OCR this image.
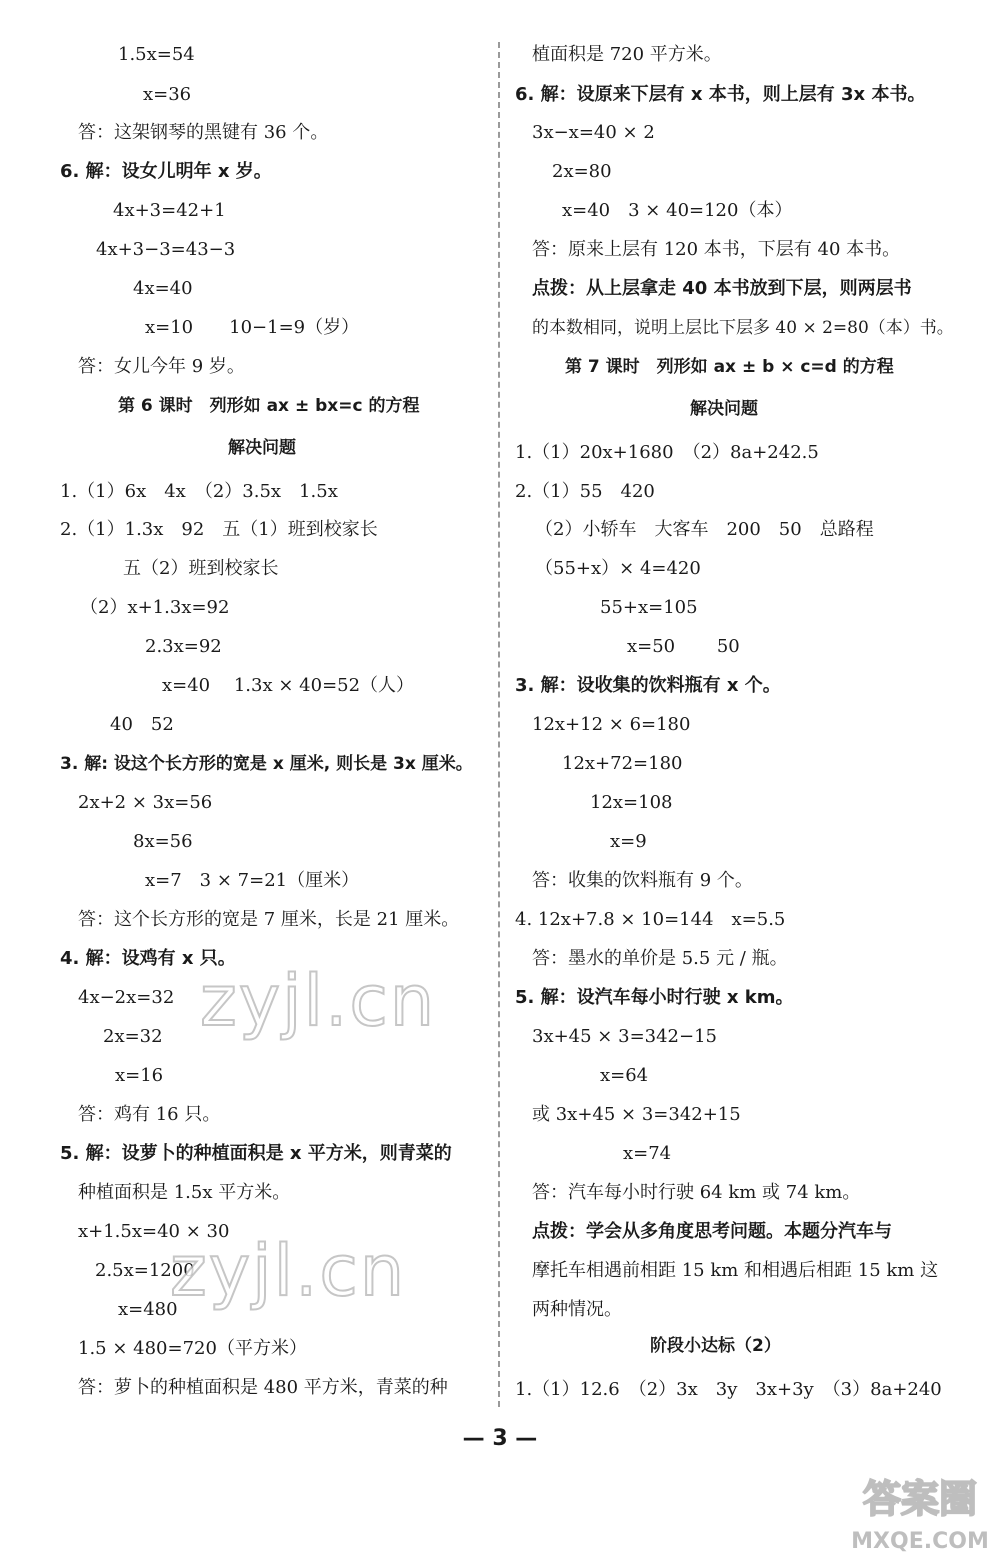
1.5x=54
x=36
答：这架钢琴的黑键有 36 个。
6. 解：设女儿明年 x 岁。
4x+3=42+1
4x+3−3=43−3
4x=40
x=10　　10−1=9（岁）
答：女儿今年 9 岁。
第 6 课时　列形如 ax ± bx=c 的方程
解决问题
1.（1）6x　4x　（2）3.5x　1.5x
2.（1）1.3x　92　五（1）班到校家长
五（2）班到校家长
（2）x+1.3x=92
2.3x=92
x=40　 1.3x × 40=52（人）
40　52
3. 解: 设这个长方形的宽是 x 厘米, 则长是 3x 厘米。
2x+2 × 3x=56
8x=56
x=7　3 × 7=21（厘米）
答：这个长方形的宽是 7 厘米，长是 21 厘米。
4. 解：设鸡有 x 只。
4x−2x=32
2x=32
x=16
答：鸡有 16 只。
5. 解：设萝卜的种植面积是 x 平方米，则青菜的
种植面积是 1.5x 平方米。
x+1.5x=40 × 30
2.5x=1200
x=480
1.5 × 480=720（平方米）
答：萝卜的种植面积是 480 平方米，青菜的种
植面积是 720 平方米。
6. 解：设原来下层有 x 本书，则上层有 3x 本书。
3x−x=40 × 2
2x=80
x=40　3 × 40=120（本）
答：原来上层有 120 本书，下层有 40 本书。
点拨：从上层拿走 40 本书放到下层，则两层书
的本数相同，说明上层比下层多 40 × 2=80（本）书。
第 7 课时　列形如 ax ± b × c=d 的方程
解决问题
1.（1）20x+1680　（2）8a+242.5
2.（1）55　420
（2）小轿车　大客车　200　50　总路程
（55+x）× 4=420
55+x=105
x=50　　 50
3. 解：设收集的饮料瓶有 x 个。
12x+12 × 6=180
12x+72=180
12x=108
x=9
答：收集的饮料瓶有 9 个。
4. 12x+7.8 × 10=144　x=5.5
答：墨水的单价是 5.5 元 / 瓶。
5. 解：设汽车每小时行驶 x km。
3x+45 × 3=342−15
x=64
或 3x+45 × 3=342+15
x=74
答：汽车每小时行驶 64 km 或 74 km。
点拨：学会从多角度思考问题。本题分汽车与
摩托车相遇前相距 15 km 和相遇后相距 15 km 这
两种情况。
阶段小达标（2）
1.（1）12.6　（2）3x　3y　3x+3y　（3）8a+240
zyjl.cn
zyjl.cn
— 3 —
答案圈
MXQE.COM
